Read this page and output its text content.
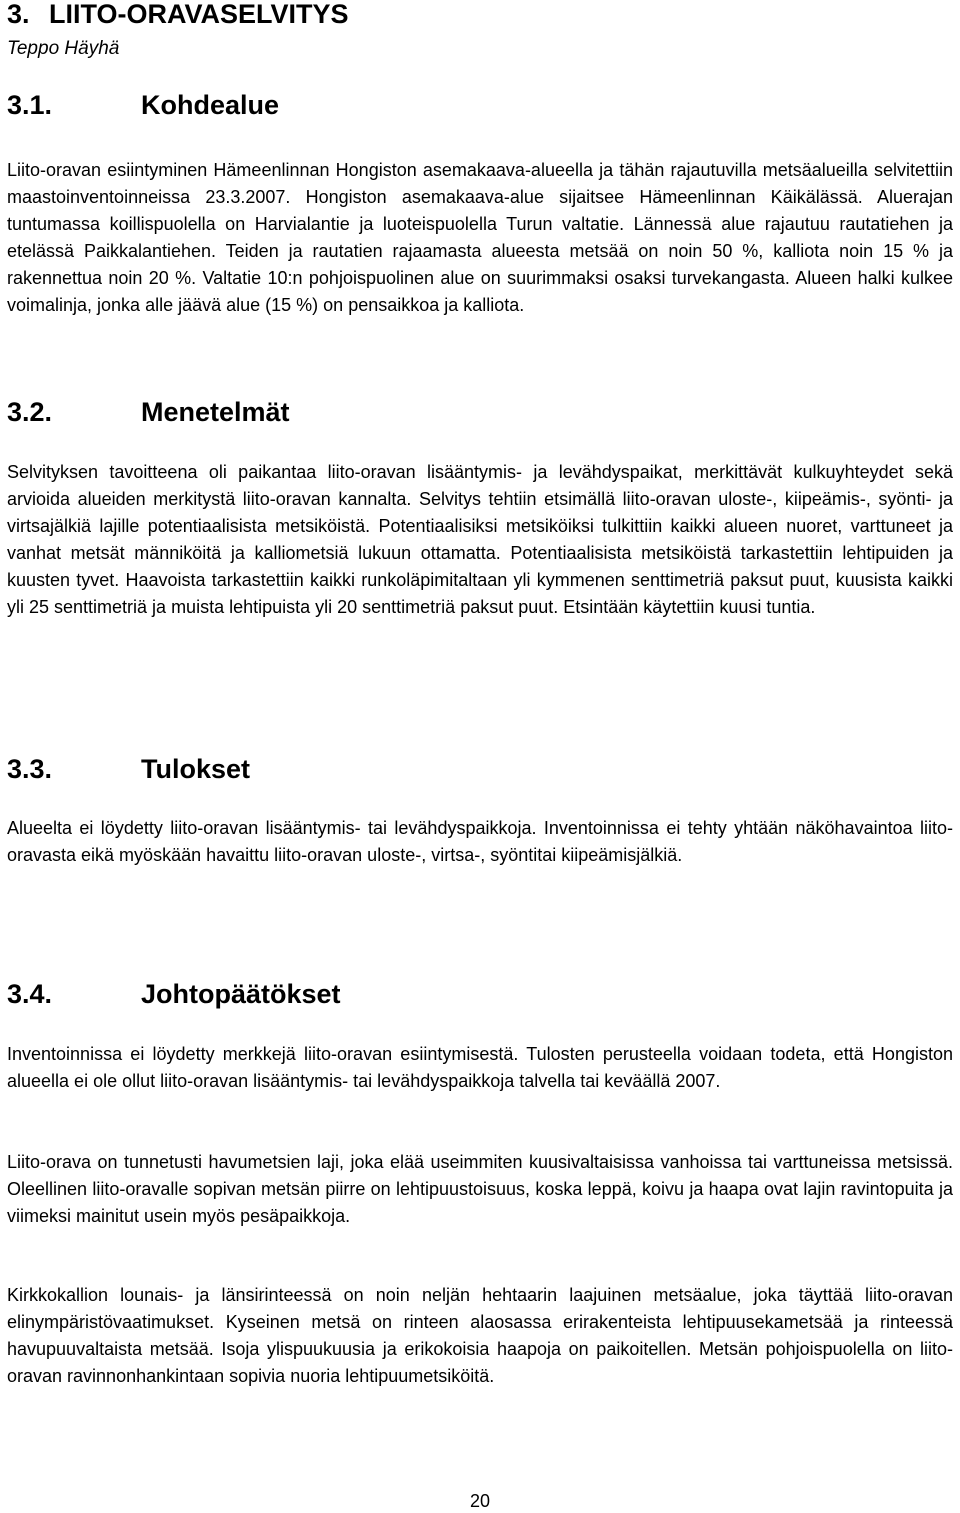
3. LIITO-ORAVASELVITYS

Teppo Häyhä

3.1.	Kohdealue

Liito-oravan esiintyminen Hämeenlinnan Hongiston asemakaava-alueella ja tähän rajautuvilla metsäalueilla selvitettiin maastoinventoinneissa 23.3.2007. Hongiston asemakaava-alue sijaitsee Hämeenlinnan Käikälässä. Aluerajan tuntumassa koillispuolella on Harvialantie ja luoteispuolella Turun valtatie. Lännessä alue rajautuu rautatiehen ja etelässä Paikkalantiehen. Teiden ja rautatien rajaamasta alueesta metsää on noin 50 %, kalliota noin 15 % ja rakennettua noin 20 %. Valtatie 10:n pohjoispuolinen alue on suurimmaksi osaksi turvekangasta. Alueen halki kulkee voimalinja, jonka alle jäävä alue (15 %) on pensaikkoa ja kalliota.

3.2.	Menetelmät

Selvityksen tavoitteena oli paikantaa liito-oravan lisääntymis- ja levähdyspaikat, merkittävät kulkuyhteydet sekä arvioida alueiden merkitystä liito-oravan kannalta. Selvitys tehtiin etsimällä liito-oravan uloste-, kiipeämis-, syönti- ja virtsajälkiä lajille potentiaalisista metsiköistä. Potentiaalisiksi metsiköiksi tulkittiin kaikki alueen nuoret, varttuneet ja vanhat metsät männiköitä ja kalliometsiä lukuun ottamatta. Potentiaalisista metsiköistä tarkastettiin lehtipuiden ja kuusten tyvet. Haavoista tarkastettiin kaikki runkoläpimitaltaan yli kymmenen senttimetriä paksut puut, kuusista kaikki yli 25 senttimetriä ja muista lehtipuista yli 20 senttimetriä paksut puut. Etsintään käytettiin kuusi tuntia.

3.3.	Tulokset

Alueelta ei löydetty liito-oravan lisääntymis- tai levähdyspaikkoja. Inventoinnissa ei tehty yhtään näköhavaintoa liito-oravasta eikä myöskään havaittu liito-oravan uloste-, virtsa-, syöntitai kiipeämisjälkiä.

3.4.	Johtopäätökset

Inventoinnissa ei löydetty merkkejä liito-oravan esiintymisestä. Tulosten perusteella voidaan todeta, että Hongiston alueella ei ole ollut liito-oravan lisääntymis- tai levähdyspaikkoja talvella tai keväällä 2007.

Liito-orava on tunnetusti havumetsien laji, joka elää useimmiten kuusivaltaisissa vanhoissa tai varttuneissa metsissä. Oleellinen liito-oravalle sopivan metsän piirre on lehtipuustoisuus, koska leppä, koivu ja haapa ovat lajin ravintopuita ja viimeksi mainitut usein myös pesäpaikkoja.

Kirkkokallion lounais- ja länsirinteessä on noin neljän hehtaarin laajuinen metsäalue, joka täyttää liito-oravan elinympäristövaatimukset. Kyseinen metsä on rinteen alaosassa erirakenteista lehtipuusekametsää ja rinteessä havupuuvaltaista metsää. Isoja ylispuukuusia ja erikokoisia haapoja on paikoitellen. Metsän pohjoispuolella on liito-oravan ravinnonhankintaan sopivia nuoria lehtipuumetsiköitä.

20
